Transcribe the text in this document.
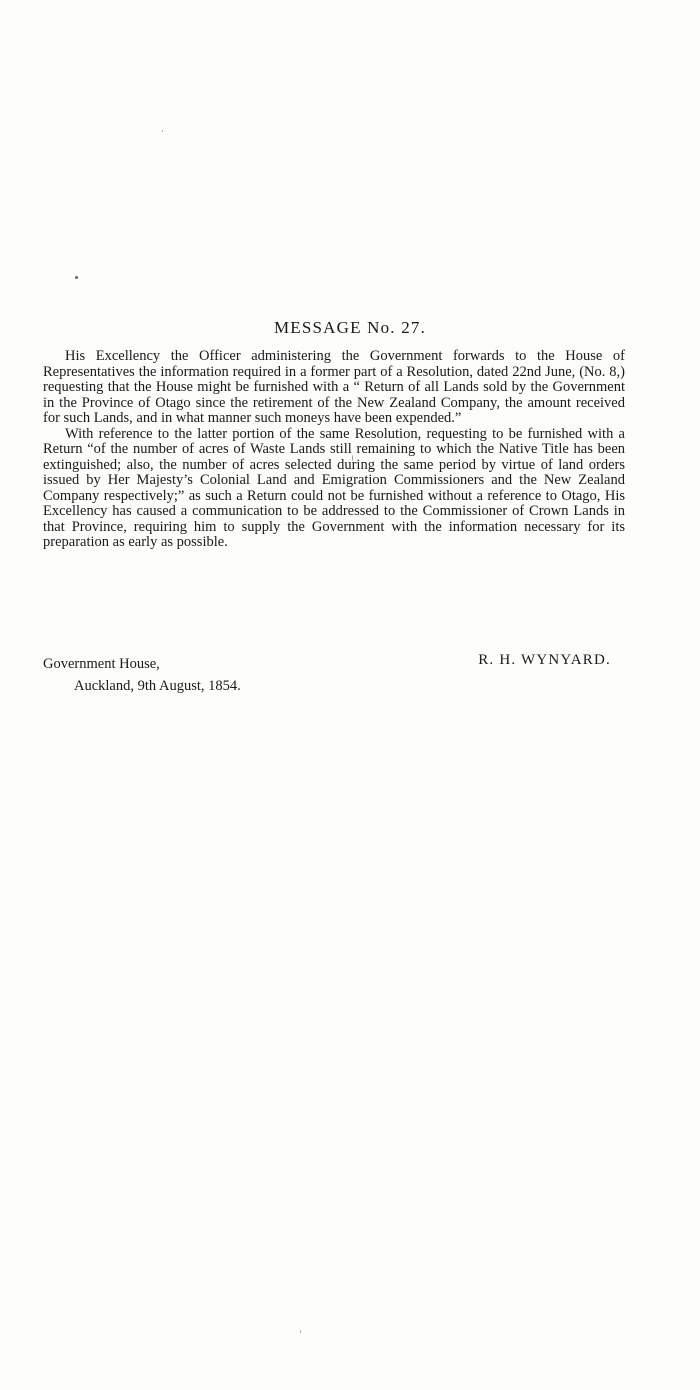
MESSAGE No. 27.

His Excellency the Officer administering the Government forwards to the House of Representatives the information required in a former part of a Resolution, dated 22nd June, (No. 8,) requesting that the House might be furnished with a “ Return of all Lands sold by the Government in the Province of Otago since the retirement of the New Zealand Company, the amount received for such Lands, and in what manner such moneys have been expended.”

With reference to the latter portion of the same Resolution, requesting to be furnished with a Return “of the number of acres of Waste Lands still remaining to which the Native Title has been extinguished; also, the number of acres selected during the same period by virtue of land orders issued by Her Majesty’s Colonial Land and Emigration Commissioners and the New Zealand Company respectively;” as such a Return could not be furnished without a reference to Otago, His Excellency has caused a communication to be addressed to the Commissioner of Crown Lands in that Province, requiring him to supply the Government with the information necessary for its preparation as early as possible.

Government House,	R. H. WYNYARD.
Auckland, 9th August, 1854.
